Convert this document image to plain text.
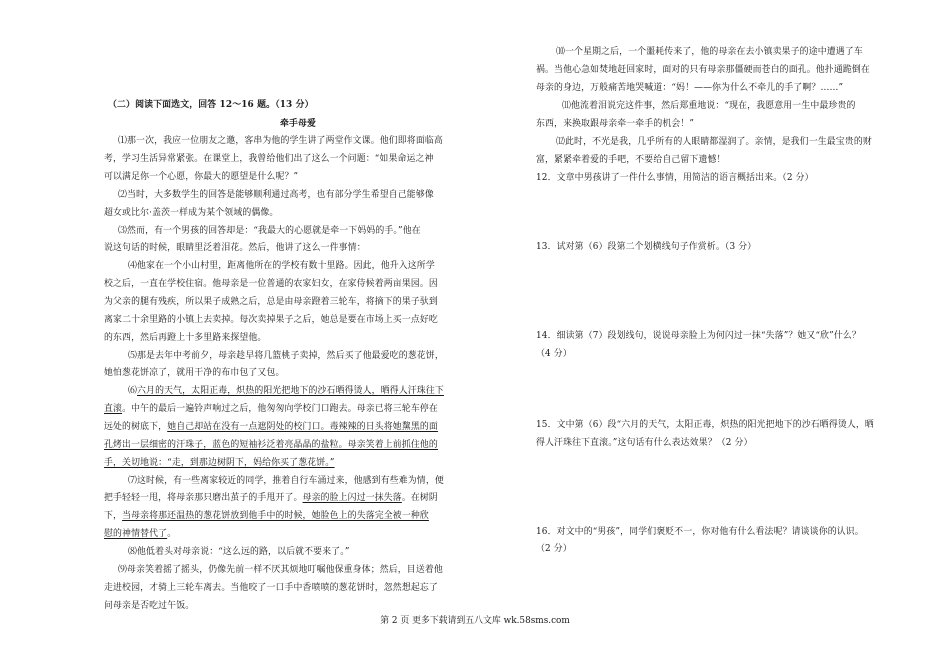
（二）阅读下面选文，回答 12～16 题。（13 分）
牵手母爱
⑴那一次，我应一位朋友之邀，客串为他的学生讲了两堂作文课。他们即将面临高
考，学习生活异常紧张。在课堂上，我曾给他们出了这么一个问题：“如果命运之神
可以满足你一个心愿，你最大的愿望是什么呢？”
⑵当时，大多数学生的回答是能够顺利通过高考，也有部分学生希望自己能够像
超女或比尔·盖茨一样成为某个领域的偶像。
⑶然而，有一个男孩的回答却是：“我最大的心愿就是牵一下妈妈的手。”他在
说这句话的时候，眼睛里泛着泪花。然后，他讲了这么一件事情：
⑷他家在一个小山村里，距离他所在的学校有数十里路。因此，他升入这所学
校之后，一直在学校住宿。他母亲是一位普通的农家妇女，在家侍候着两亩果园。因
为父亲的腿有残疾，所以果子成熟之后，总是由母亲蹬着三轮车，将摘下的果子驮到
离家二十余里路的小镇上去卖掉。每次卖掉果子之后，她总是要在市场上买一点好吃
的东西，然后再蹬上十多里路来探望他。
⑸那是去年中考前夕，母亲趁早将几篮桃子卖掉，然后买了他最爱吃的葱花饼，
她怕葱花饼凉了，就用干净的布巾包了又包。
⑹六月的天气，太阳正毒，炽热的阳光把地下的沙石晒得烫人，晒得人汗珠往下
直滚。中午的最后一遍铃声响过之后，他匆匆向学校门口跑去。母亲已将三轮车停在
远处的树底下，她自己却站在没有一点遮阴处的校门口。毒辣辣的日头将她黧黑的面
孔烤出一层细密的汗珠子，蓝色的短袖衫泛着亮晶晶的盐粒。母亲笑着上前抓住他的
手，关切地说：“走，到那边树阴下，妈给你买了葱花饼。”
⑺这时候，有一些离家较近的同学，推着自行车涌过来，他感到有些难为情，便
把手轻轻一甩，将母亲那只磨出茧子的手甩开了。母亲的脸上闪过一抹失落。在树阴
下，当母亲将那还温热的葱花饼放到他手中的时候，她脸色上的失落完全被一种欣
慰的神情替代了。
⑻他低着头对母亲说：“这么远的路，以后就不要来了。”
⑼母亲笑着摇了摇头，仍像先前一样不厌其烦地叮嘱他保重身体；然后，目送着他
走进校园，才骑上三轮车离去。当他咬了一口手中香喷喷的葱花饼时，忽然想起忘了
问母亲是否吃过午饭。
⑽一个星期之后，一个噩耗传来了，他的母亲在去小镇卖果子的途中遭遇了车
祸。当他心急如焚地赶回家时，面对的只有母亲那僵硬而苍白的面孔。他扑通跪倒在
母亲的身边，万般痛苦地哭喊道：“妈！——你为什么不牵儿的手了啊？……”
⑾他流着泪说完这件事，然后郑重地说：“现在，我愿意用一生中最珍贵的
东西，来换取跟母亲牵一牵手的机会！”
⑿此时，不光是我，几乎所有的人眼睛都湿润了。亲情，是我们一生最宝贵的财
富，紧紧牵着爱的手吧，不要给自己留下遗憾！
12．文章中男孩讲了一件什么事情，用简洁的语言概括出来。（2 分）
13．试对第（6）段第二个划横线句子作赏析。（3 分）
14．细读第（7）段划线句，说说母亲脸上为何闪过一抹“失落”？她又“欣”什么？
（4 分）
15．文中第（6）段“六月的天气，太阳正毒，炽热的阳光把地下的沙石晒得烫人，晒
得人汗珠往下直滚。”这句话有什么表达效果？（2 分）
16．对文中的“男孩”，同学们褒贬不一，你对他有什么看法呢？请谈谈你的认识。
（2 分）
第 2 页 更多下载请到五八文库 wk.58sms.com
